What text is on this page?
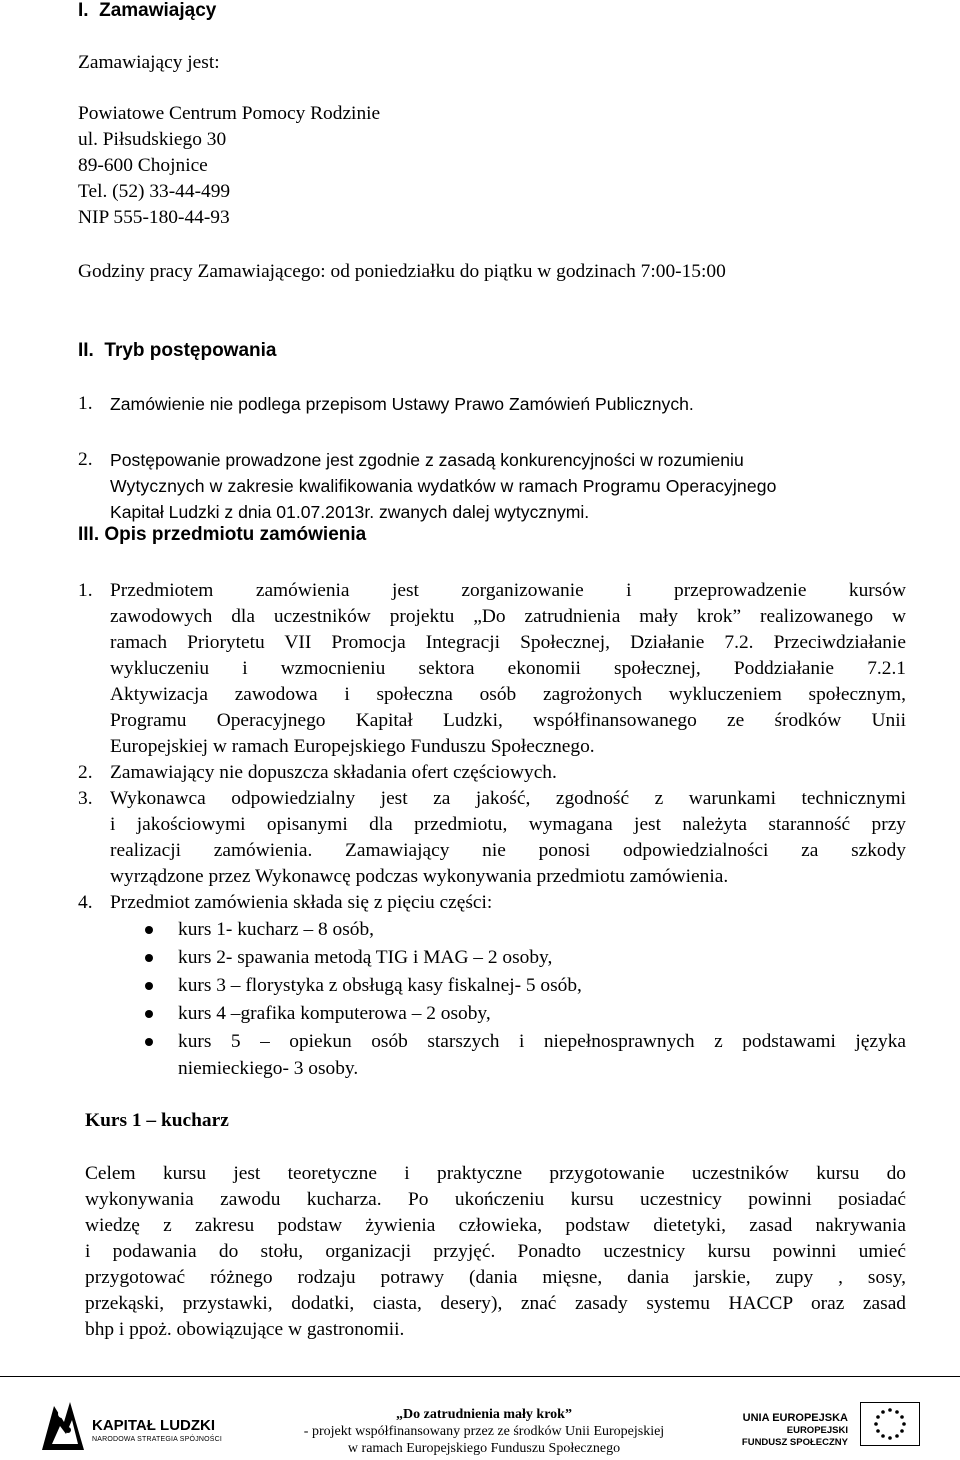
I.  Zamawiający
Zamawiający jest:
Powiatowe Centrum Pomocy Rodzinie
ul. Piłsudskiego 30
89-600 Chojnice
Tel. (52) 33-44-499
NIP 555-180-44-93
Godziny pracy Zamawiającego: od poniedziałku do piątku w godzinach 7:00-15:00
II.  Tryb postępowania
1. Zamówienie nie podlega przepisom Ustawy Prawo Zamówień Publicznych.
2. Postępowanie prowadzone jest zgodnie z zasadą konkurencyjności w rozumieniu
Wytycznych w zakresie kwalifikowania wydatków w ramach Programu Operacyjnego
Kapitał Ludzki z dnia 01.07.2013r. zwanych dalej wytycznymi.
III. Opis przedmiotu zamówienia
1. Przedmiotem zamówienia jest zorganizowanie i przeprowadzenie kursów
zawodowych dla uczestników projektu „Do zatrudnienia mały krok” realizowanego w
ramach Priorytetu VII Promocja Integracji Społecznej, Działanie 7.2. Przeciwdziałanie
wykluczeniu i wzmocnieniu sektora ekonomii społecznej, Poddziałanie 7.2.1
Aktywizacja zawodowa i społeczna osób zagrożonych wykluczeniem społecznym,
Programu Operacyjnego Kapitał Ludzki, współfinansowanego ze środków Unii
Europejskiej w ramach Europejskiego Funduszu Społecznego.
2. Zamawiający nie dopuszcza składania ofert częściowych.
3. Wykonawca odpowiedzialny jest za jakość, zgodność z warunkami technicznymi
i jakościowymi opisanymi dla przedmiotu, wymagana jest należyta staranność przy
realizacji zamówienia. Zamawiający nie ponosi odpowiedzialności za szkody
wyrządzone przez Wykonawcę podczas wykonywania przedmiotu zamówienia.
4. Przedmiot zamówienia składa się z pięciu części:
kurs 1- kucharz – 8 osób,
kurs 2- spawania metodą TIG i MAG – 2 osoby,
kurs 3 – florystyka z obsługą kasy fiskalnej- 5 osób,
kurs 4 –grafika komputerowa – 2 osoby,
kurs 5 – opiekun osób starszych i niepełnosprawnych z podstawami języka
niemieckiego- 3 osoby.
Kurs 1 – kucharz
Celem kursu jest teoretyczne i praktyczne przygotowanie uczestników kursu do
wykonywania zawodu kucharza. Po ukończeniu kursu uczestnicy powinni posiadać
wiedzę z zakresu podstaw żywienia człowieka, podstaw dietetyki, zasad nakrywania
i podawania do stołu, organizacji przyjęć. Ponadto uczestnicy kursu powinni umieć
przygotować różnego rodzaju potrawy (dania mięsne, dania jarskie, zupy , sosy,
przekąski, przystawki, dodatki, ciasta, desery), znać zasady systemu HACCP oraz zasad
bhp i ppoż. obowiązujące w gastronomii.
KAPITAŁ LUDZKI
NARODOWA STRATEGIA SPÓJNOŚCI
„Do zatrudnienia mały krok”
- projekt współfinansowany przez ze środków Unii Europejskiej
w ramach Europejskiego Funduszu Społecznego
UNIA EUROPEJSKA
EUROPEJSKI
FUNDUSZ SPOŁECZNY
